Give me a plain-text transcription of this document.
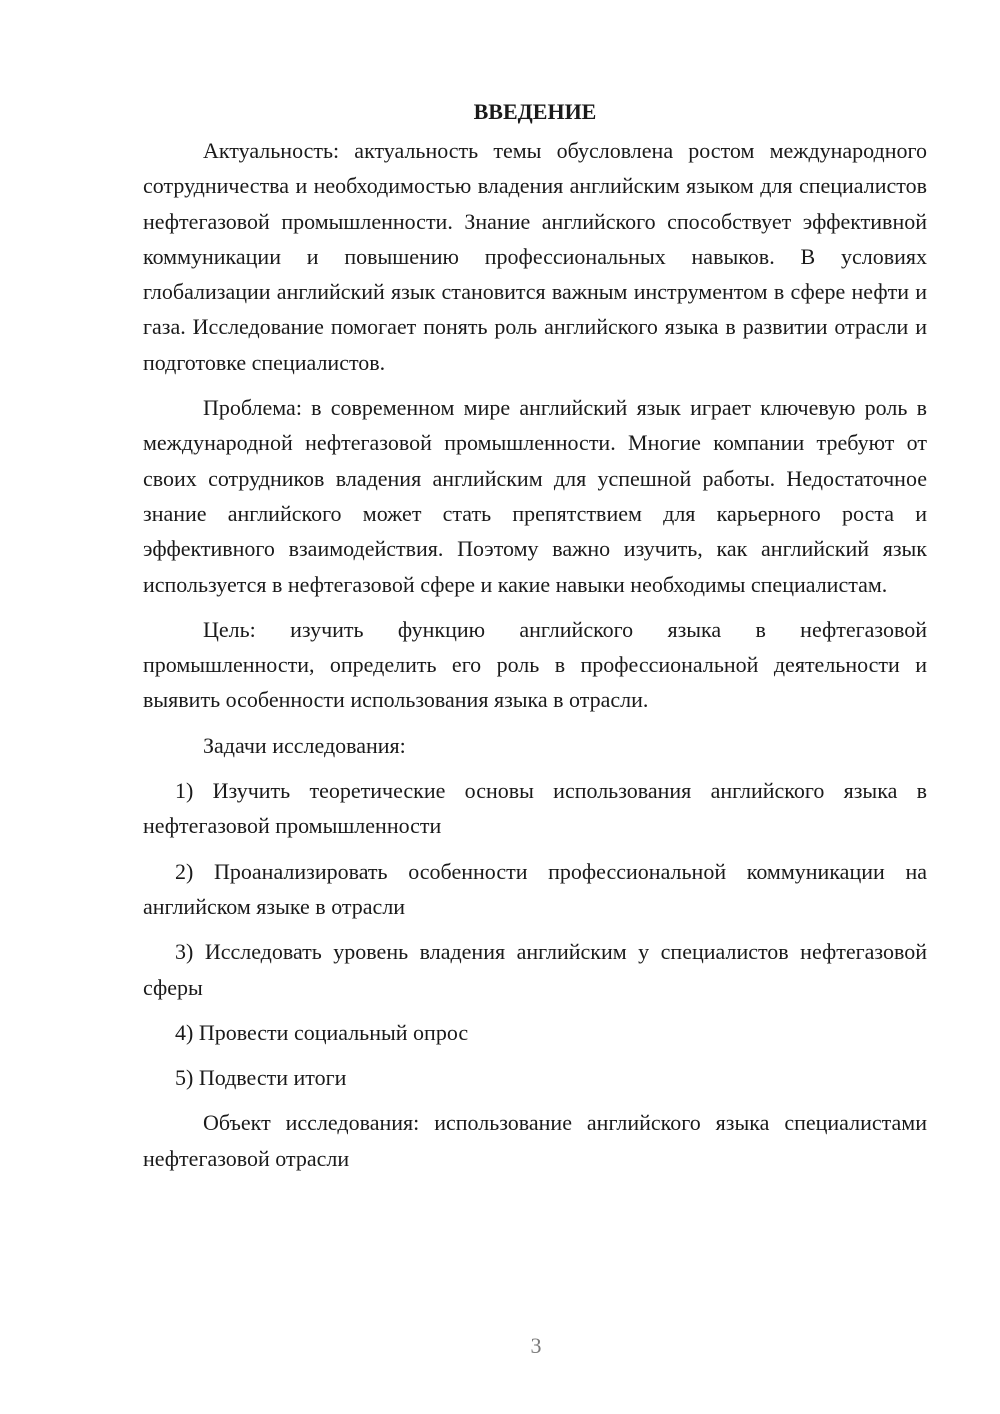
ВВЕДЕНИЕ

Актуальность: актуальность темы обусловлена ростом международного сотрудничества и необходимостью владения английским языком для специалистов нефтегазовой промышленности. Знание английского способствует эффективной коммуникации и повышению профессиональных навыков. В условиях глобализации английский язык становится важным инструментом в сфере нефти и газа. Исследование помогает понять роль английского языка в развитии отрасли и подготовке специалистов.

Проблема: в современном мире английский язык играет ключевую роль в международной нефтегазовой промышленности. Многие компании требуют от своих сотрудников владения английским для успешной работы. Недостаточное знание английского может стать препятствием для карьерного роста и эффективного взаимодействия. Поэтому важно изучить, как английский язык используется в нефтегазовой сфере и какие навыки необходимы специалистам.

Цель: изучить функцию английского языка в нефтегазовой промышленности, определить его роль в профессиональной деятельности и выявить особенности использования языка в отрасли.

Задачи исследования:

1) Изучить теоретические основы использования английского языка в нефтегазовой промышленности

2) Проанализировать особенности профессиональной коммуникации на английском языке в отрасли

3) Исследовать уровень владения английским у специалистов нефтегазовой сферы

4) Провести социальный опрос

5) Подвести итоги

Объект исследования: использование английского языка специалистами нефтегазовой отрасли

3
